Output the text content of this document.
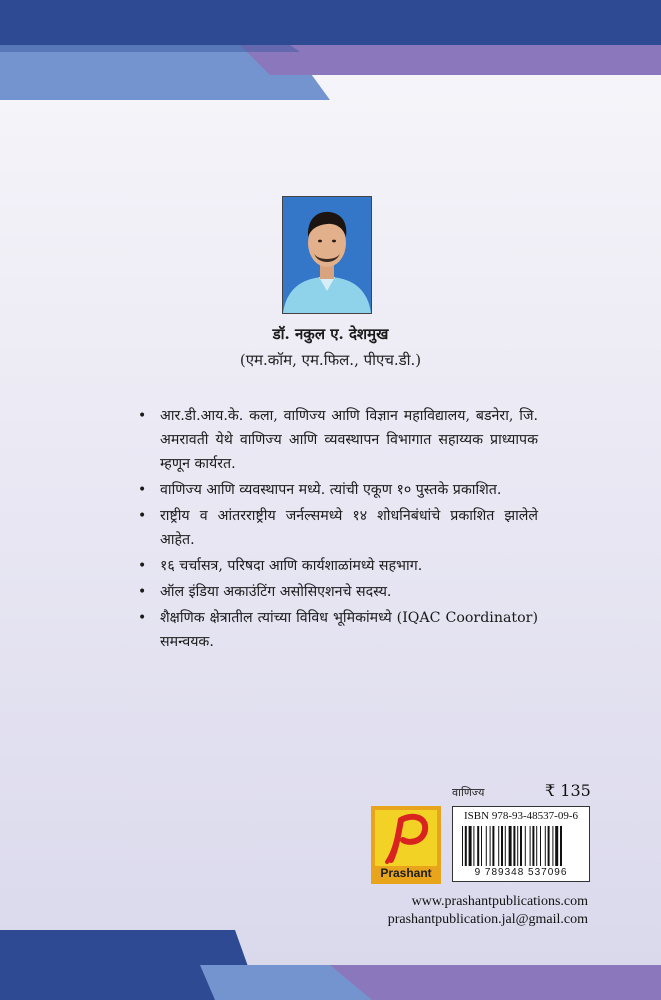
डॉ. नकुल ए. देशमुख
(एम.कॉम, एम.फिल., पीएच.डी.)
• आर.डी.आय.के. कला, वाणिज्य आणि विज्ञान महाविद्यालय, बडनेरा, जि. अमरावती येथे वाणिज्य आणि व्यवस्थापन विभागात सहाय्यक प्राध्यापक म्हणून कार्यरत.
• वाणिज्य आणि व्यवस्थापन मध्ये. त्यांची एकूण १० पुस्तके प्रकाशित.
• राष्ट्रीय व आंतरराष्ट्रीय जर्नल्समध्ये १४ शोधनिबंधांचे प्रकाशित झालेले आहेत.
• १६ चर्चासत्र, परिषदा आणि कार्यशाळांमध्ये सहभाग.
• ऑल इंडिया अकाउंटिंग असोसिएशनचे सदस्य.
• शैक्षणिक क्षेत्रातील त्यांच्या विविध भूमिकांमध्ये (IQAC Coordinator) समन्वयक.
वाणिज्य	₹ 135
Prashant
ISBN 978-93-48537-09-6
9 789348 537096
www.prashantpublications.com
prashantpublication.jal@gmail.com
